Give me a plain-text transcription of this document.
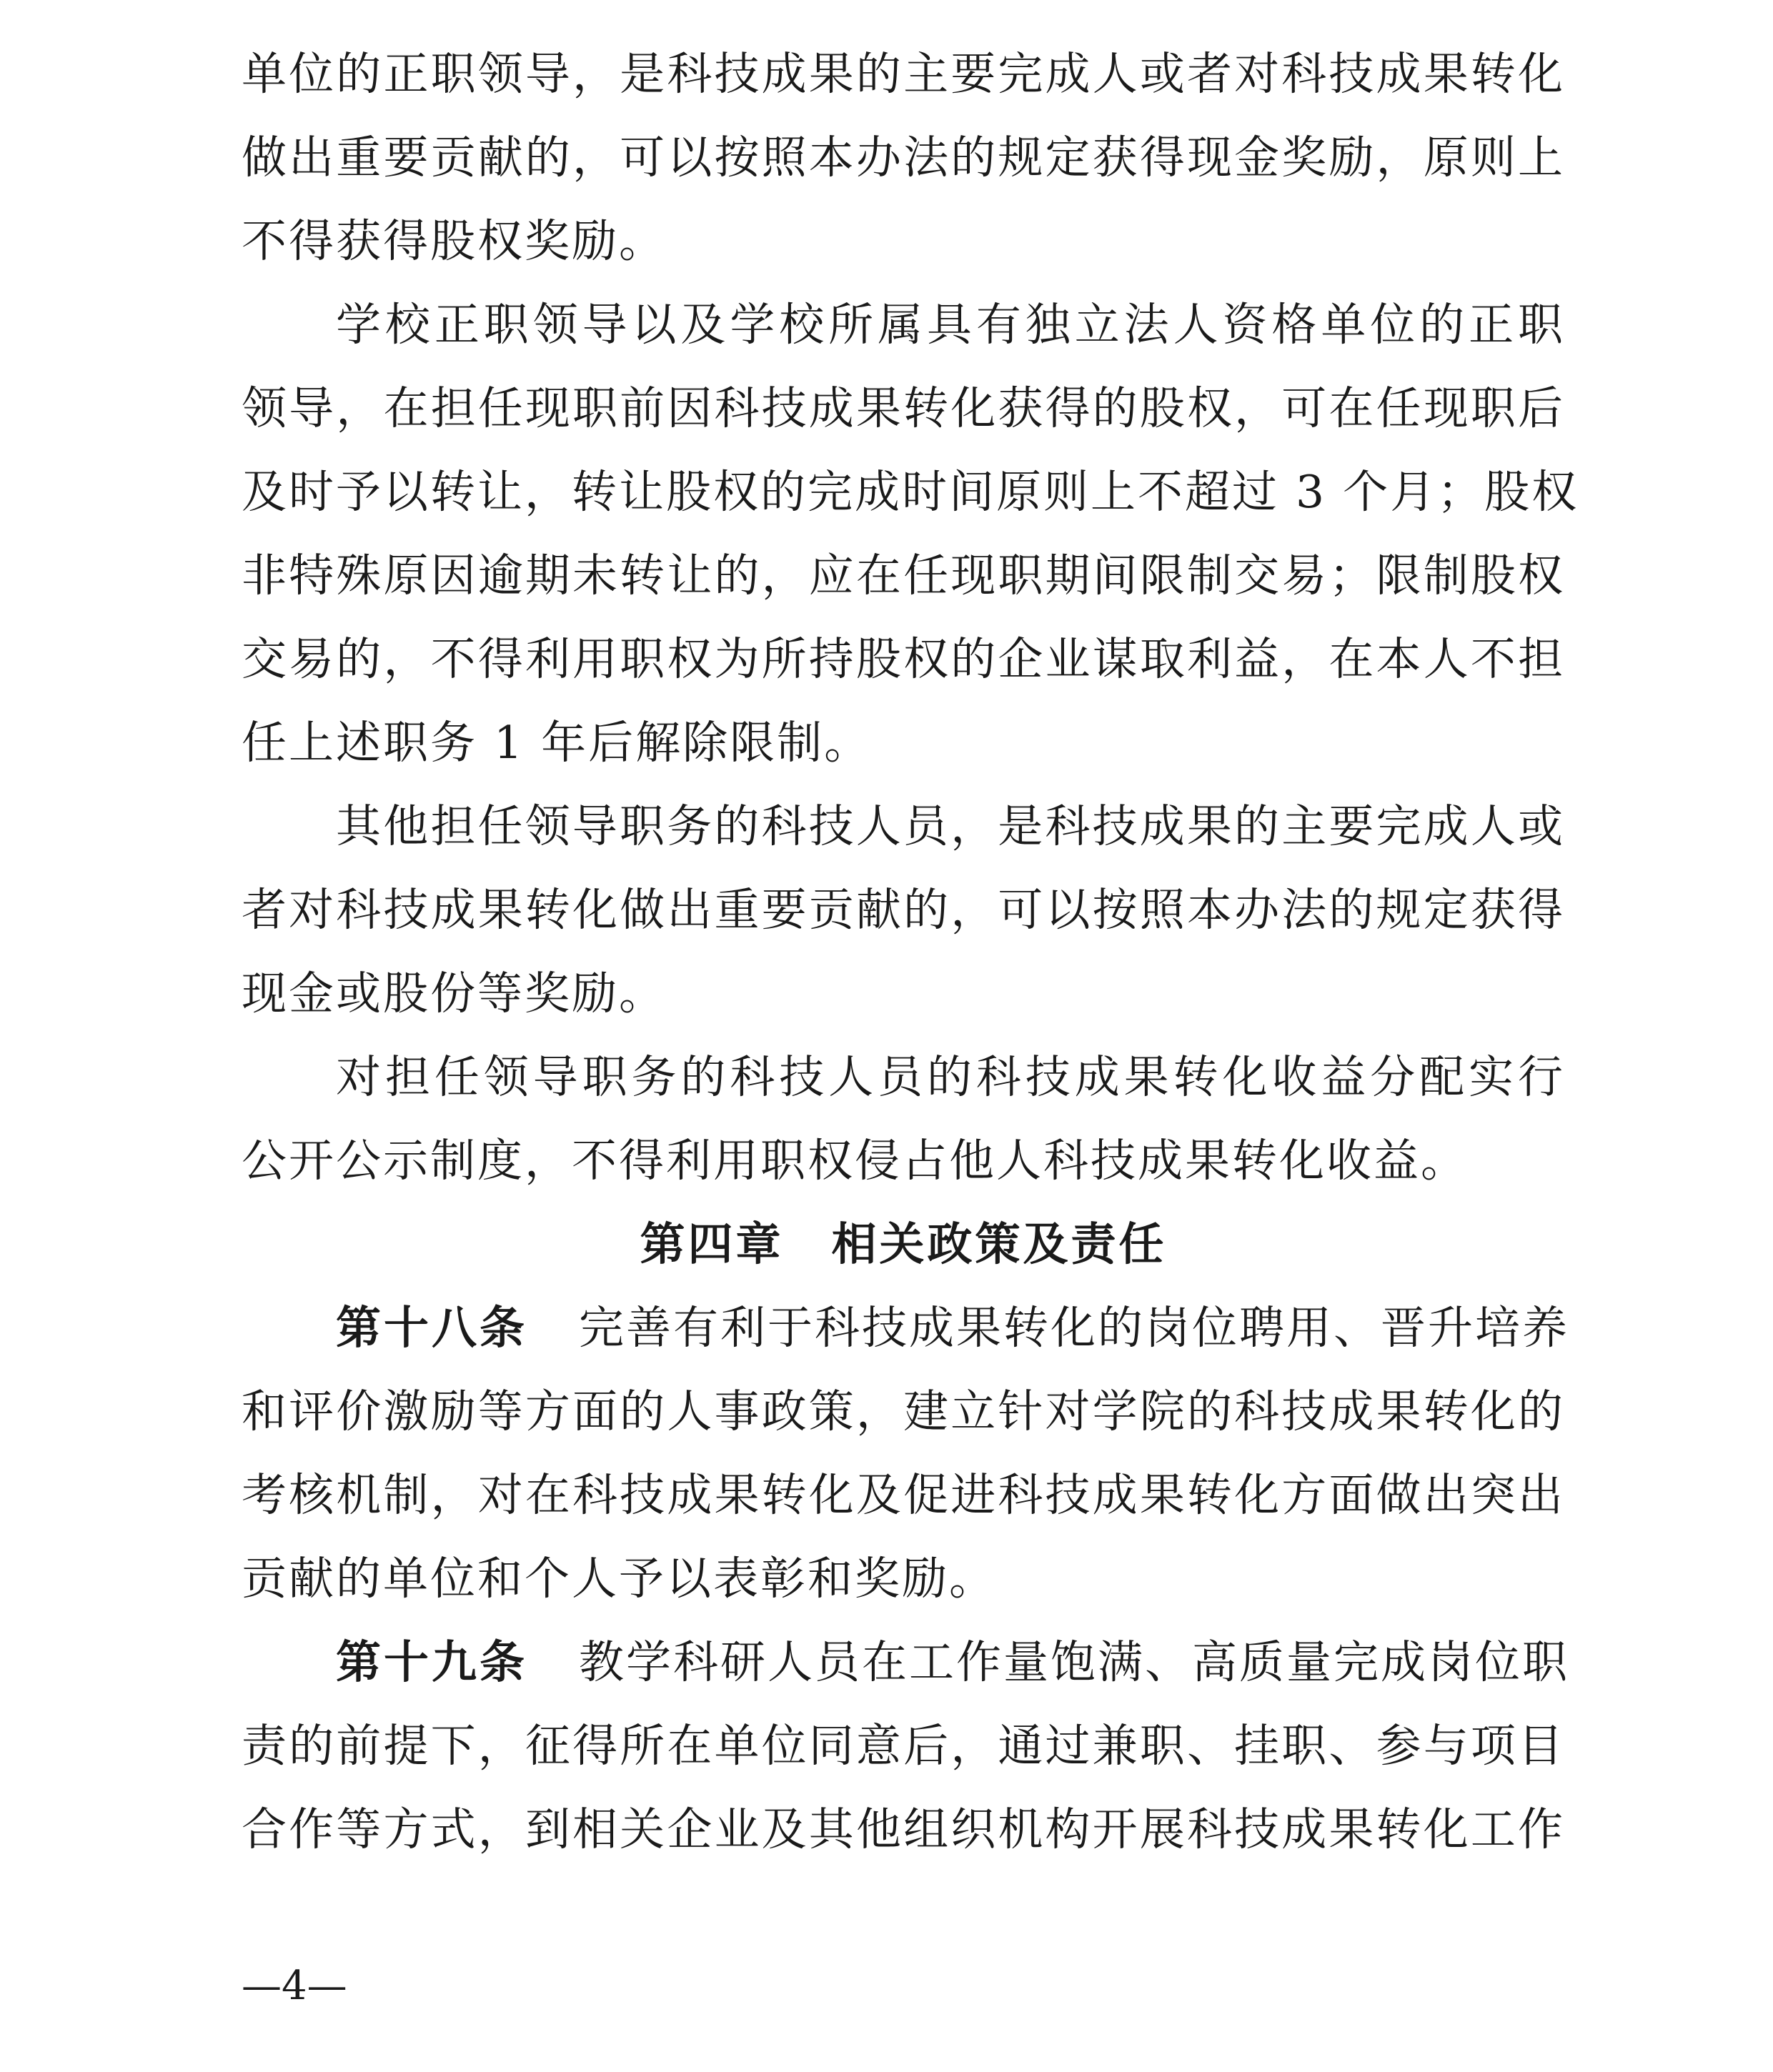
单位的正职领导，是科技成果的主要完成人或者对科技成果转化
做出重要贡献的，可以按照本办法的规定获得现金奖励，原则上
不得获得股权奖励。
学校正职领导以及学校所属具有独立法人资格单位的正职
领导，在担任现职前因科技成果转化获得的股权，可在任现职后
及时予以转让，转让股权的完成时间原则上不超过 3 个月；股权
非特殊原因逾期未转让的，应在任现职期间限制交易；限制股权
交易的，不得利用职权为所持股权的企业谋取利益，在本人不担
任上述职务 1 年后解除限制。
其他担任领导职务的科技人员，是科技成果的主要完成人或
者对科技成果转化做出重要贡献的，可以按照本办法的规定获得
现金或股份等奖励。
对担任领导职务的科技人员的科技成果转化收益分配实行
公开公示制度，不得利用职权侵占他人科技成果转化收益。
第四章　相关政策及责任
第十八条 完善有利于科技成果转化的岗位聘用、晋升培养
和评价激励等方面的人事政策，建立针对学院的科技成果转化的
考核机制，对在科技成果转化及促进科技成果转化方面做出突出
贡献的单位和个人予以表彰和奖励。
第十九条 教学科研人员在工作量饱满、高质量完成岗位职
责的前提下，征得所在单位同意后，通过兼职、挂职、参与项目
合作等方式，到相关企业及其他组织机构开展科技成果转化工作
—4—
